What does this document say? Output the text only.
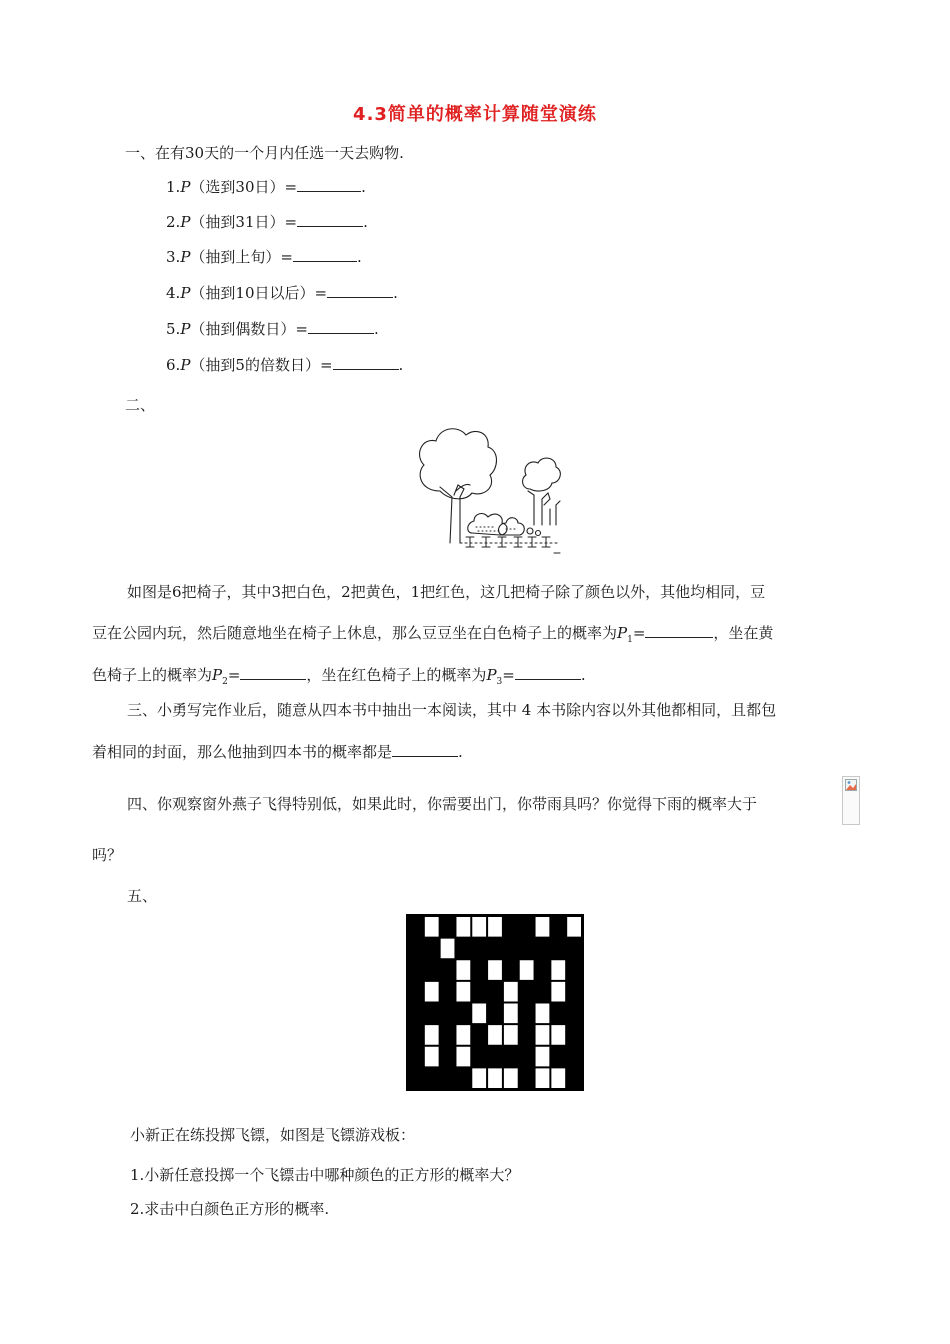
4.3简单的概率计算随堂演练
一、在有30天的一个月内任选一天去购物.
1.P（选到30日）=	.
2.P（抽到31日）=	.
3.P（抽到上旬）=	.
4.P（抽到10日以后）=	.
5.P（抽到偶数日）=	.
6.P（抽到5的倍数日）=	.
二、
如图是6把椅子，其中3把白色，2把黄色，1把红色，这几把椅子除了颜色以外，其他均相同，豆
豆在公园内玩，然后随意地坐在椅子上休息，那么豆豆坐在白色椅子上的概率为$P_1=$	，坐在黄
色椅子上的概率为$P_2=$	，坐在红色椅子上的概率为$P_3=$	.
三、小勇写完作业后，随意从四本书中抽出一本阅读，其中 4 本书除内容以外其他都相同，且都包
着相同的封面，那么他抽到四本书的概率都是	.
四、你观察窗外燕子飞得特别低，如果此时，你需要出门，你带雨具吗？你觉得下雨的概率大于
吗？
五、
小新正在练投掷飞镖，如图是飞镖游戏板：
1.小新任意投掷一个飞镖击中哪种颜色的正方形的概率大？
2.求击中白颜色正方形的概率.
